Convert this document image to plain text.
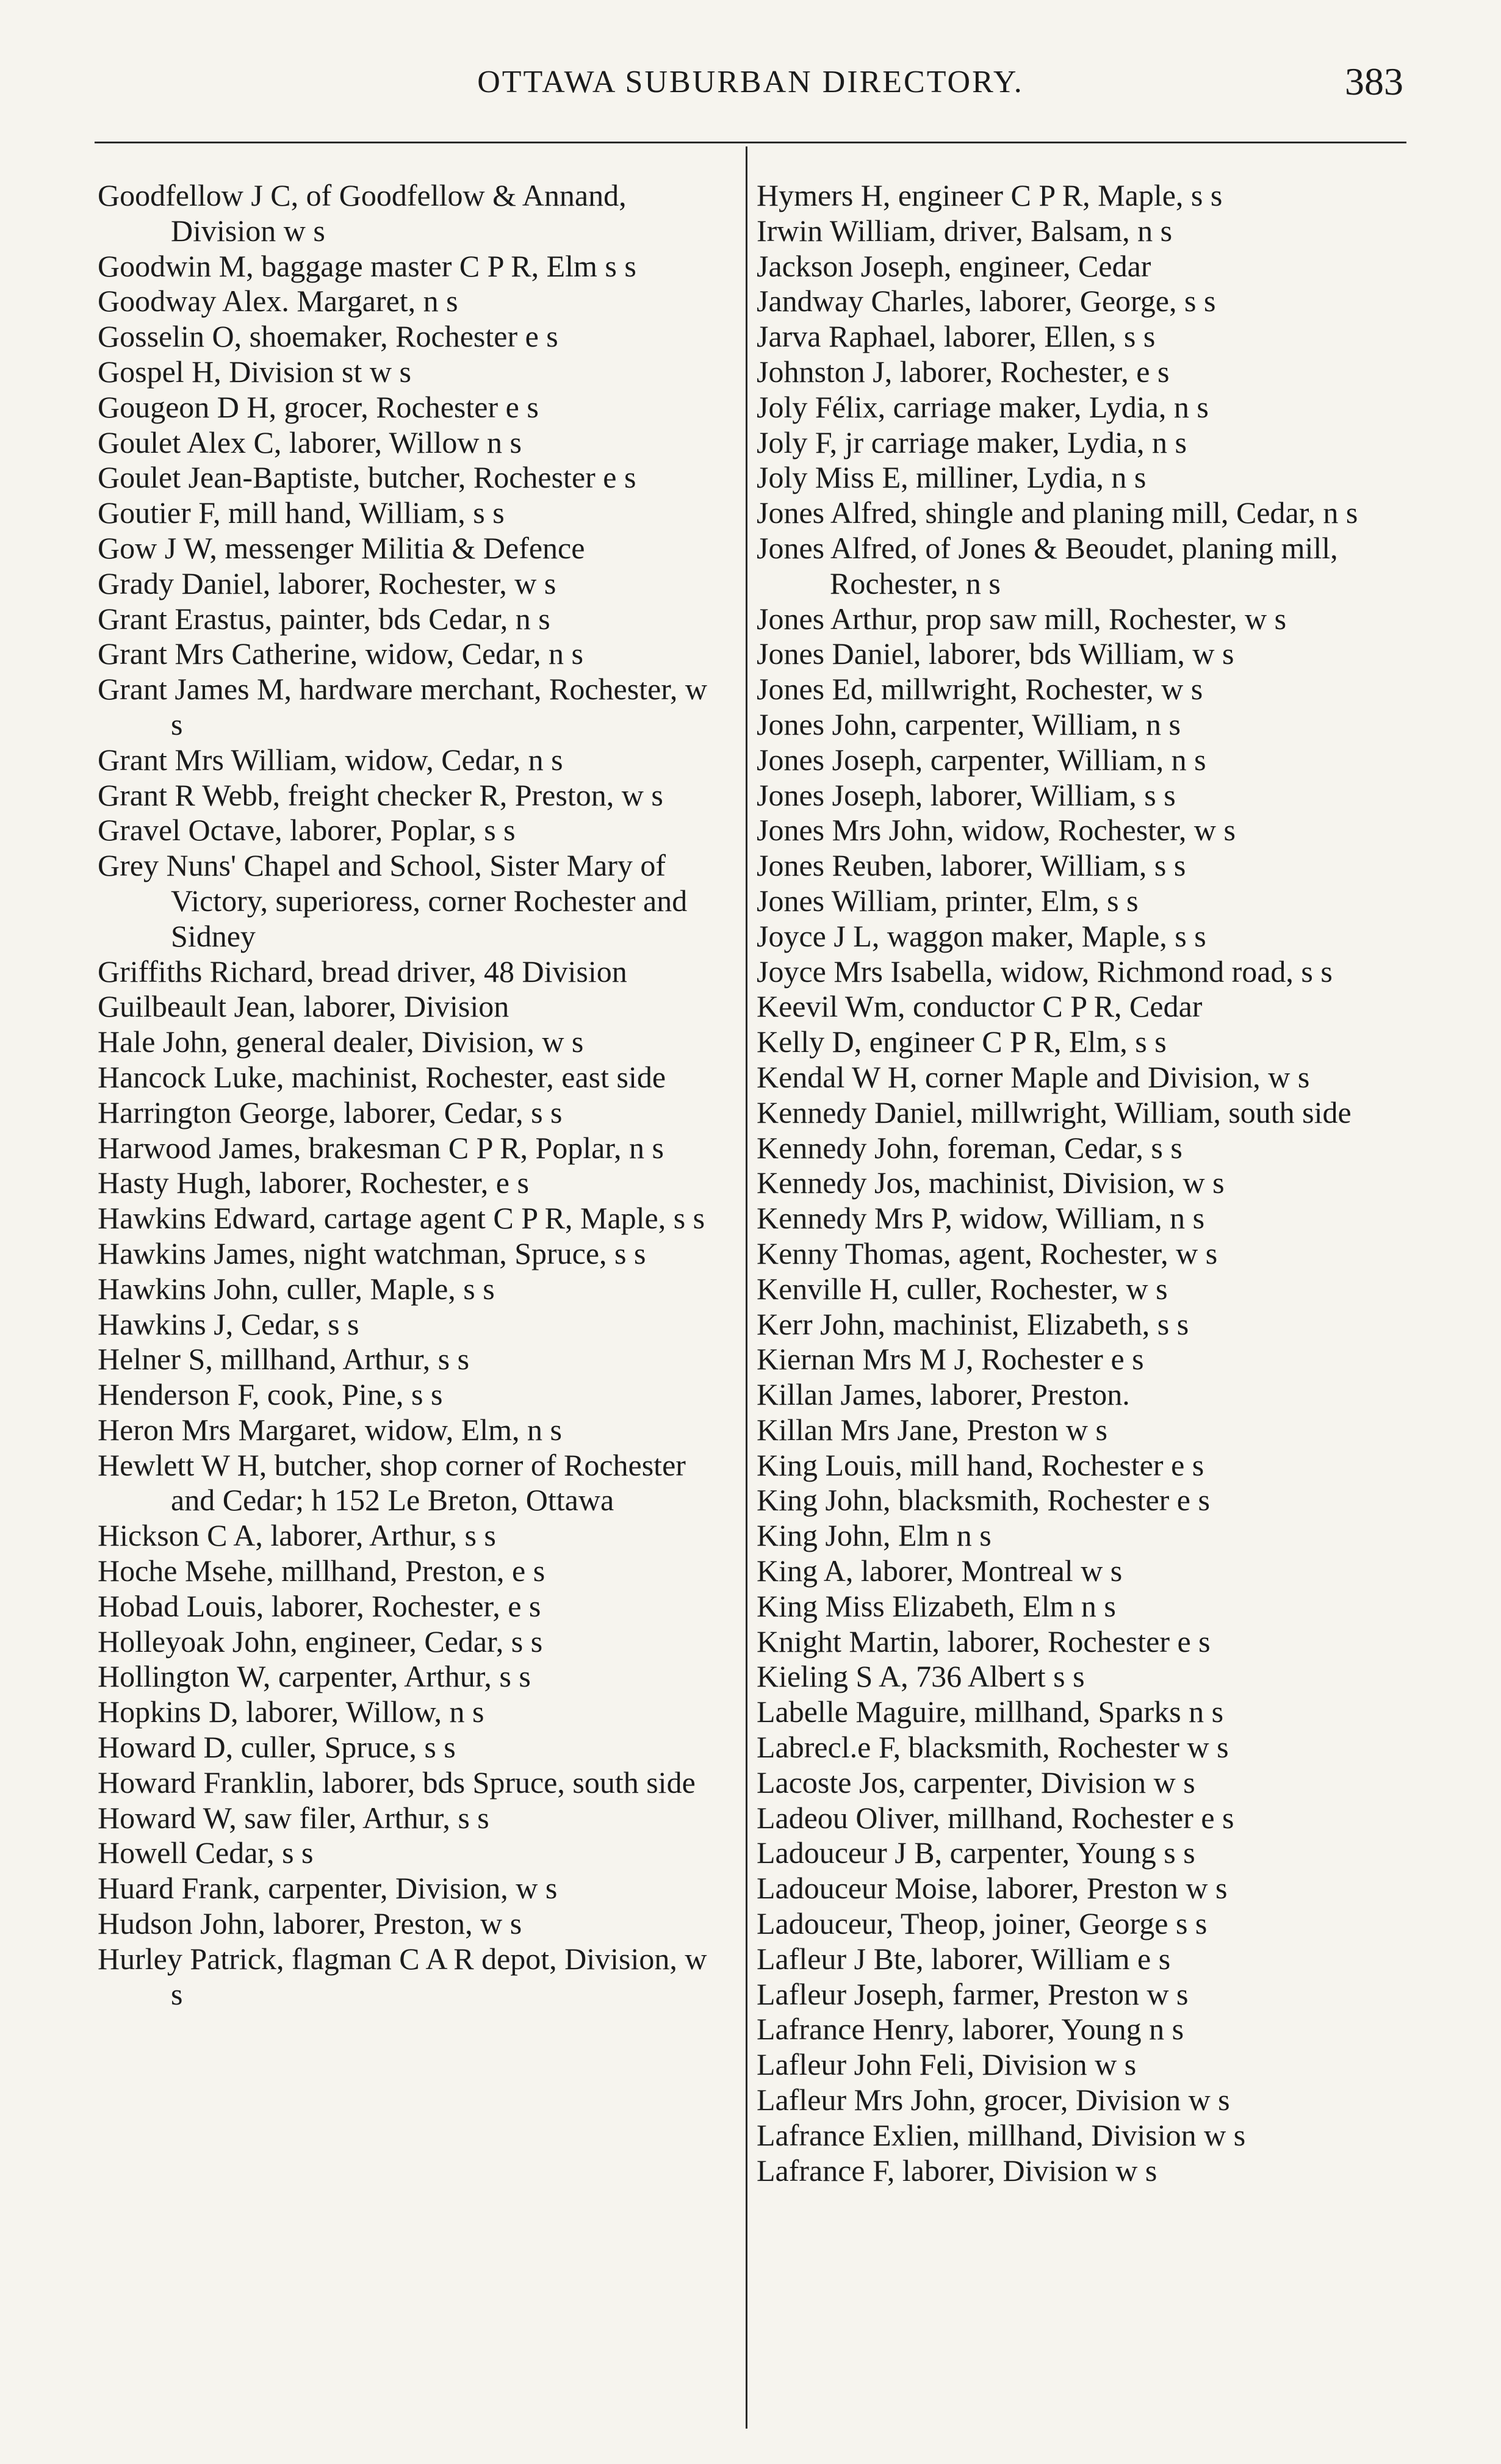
OTTAWA SUBURBAN DIRECTORY.	383
Goodfellow J C, of Goodfellow & Annand, Division w s
Goodwin M, baggage master C P R, Elm s s
Goodway Alex. Margaret, n s
Gosselin O, shoemaker, Rochester e s
Gospel H, Division st w s
Gougeon D H, grocer, Rochester e s
Goulet Alex C, laborer, Willow n s
Goulet Jean-Baptiste, butcher, Rochester e s
Goutier F, mill hand, William, s s
Gow J W, messenger Militia & Defence
Grady Daniel, laborer, Rochester, w s
Grant Erastus, painter, bds Cedar, n s
Grant Mrs Catherine, widow, Cedar, n s
Grant James M, hardware merchant, Rochester, w s
Grant Mrs William, widow, Cedar, n s
Grant R Webb, freight checker R, Preston, w s
Gravel Octave, laborer, Poplar, s s
Grey Nuns' Chapel and School, Sister Mary of Victory, superioress, corner Rochester and Sidney
Griffiths Richard, bread driver, 48 Division
Guilbeault Jean, laborer, Division
Hale John, general dealer, Division, w s
Hancock Luke, machinist, Rochester, east side
Harrington George, laborer, Cedar, s s
Harwood James, brakesman C P R, Poplar, n s
Hasty Hugh, laborer, Rochester, e s
Hawkins Edward, cartage agent C P R, Maple, s s
Hawkins James, night watchman, Spruce, s s
Hawkins John, culler, Maple, s s
Hawkins J, Cedar, s s
Helner S, millhand, Arthur, s s
Henderson F, cook, Pine, s s
Heron Mrs Margaret, widow, Elm, n s
Hewlett W H, butcher, shop corner of Rochester and Cedar; h 152 Le Breton, Ottawa
Hickson C A, laborer, Arthur, s s
Hoche Msehe, millhand, Preston, e s
Hobad Louis, laborer, Rochester, e s
Holleyoak John, engineer, Cedar, s s
Hollington W, carpenter, Arthur, s s
Hopkins D, laborer, Willow, n s
Howard D, culler, Spruce, s s
Howard Franklin, laborer, bds Spruce, south side
Howard W, saw filer, Arthur, s s
Howell Cedar, s s
Huard Frank, carpenter, Division, w s
Hudson John, laborer, Preston, w s
Hurley Patrick, flagman C A R depot, Division, w s
Hymers H, engineer C P R, Maple, s s
Irwin William, driver, Balsam, n s
Jackson Joseph, engineer, Cedar
Jandway Charles, laborer, George, s s
Jarva Raphael, laborer, Ellen, s s
Johnston J, laborer, Rochester, e s
Joly Félix, carriage maker, Lydia, n s
Joly F, jr carriage maker, Lydia, n s
Joly Miss E, milliner, Lydia, n s
Jones Alfred, shingle and planing mill, Cedar, n s
Jones Alfred, of Jones & Beoudet, planing mill, Rochester, n s
Jones Arthur, prop saw mill, Rochester, w s
Jones Daniel, laborer, bds William, w s
Jones Ed, millwright, Rochester, w s
Jones John, carpenter, William, n s
Jones Joseph, carpenter, William, n s
Jones Joseph, laborer, William, s s
Jones Mrs John, widow, Rochester, w s
Jones Reuben, laborer, William, s s
Jones William, printer, Elm, s s
Joyce J L, waggon maker, Maple, s s
Joyce Mrs Isabella, widow, Richmond road, s s
Keevil Wm, conductor C P R, Cedar
Kelly D, engineer C P R, Elm, s s
Kendal W H, corner Maple and Division, w s
Kennedy Daniel, millwright, William, south side
Kennedy John, foreman, Cedar, s s
Kennedy Jos, machinist, Division, w s
Kennedy Mrs P, widow, William, n s
Kenny Thomas, agent, Rochester, w s
Kenville H, culler, Rochester, w s
Kerr John, machinist, Elizabeth, s s
Kiernan Mrs M J, Rochester e s
Killan James, laborer, Preston.
Killan Mrs Jane, Preston w s
King Louis, mill hand, Rochester e s
King John, blacksmith, Rochester e s
King John, Elm n s
King A, laborer, Montreal w s
King Miss Elizabeth, Elm n s
Knight Martin, laborer, Rochester e s
Kieling S A, 736 Albert s s
Labelle Maguire, millhand, Sparks n s
Labrecl.e F, blacksmith, Rochester w s
Lacoste Jos, carpenter, Division w s
Ladeou Oliver, millhand, Rochester e s
Ladouceur J B, carpenter, Young s s
Ladouceur Moise, laborer, Preston w s
Ladouceur, Theop, joiner, George s s
Lafleur J Bte, laborer, William e s
Lafleur Joseph, farmer, Preston w s
Lafrance Henry, laborer, Young n s
Lafleur John Feli, Division w s
Lafleur Mrs John, grocer, Division w s
Lafrance Exlien, millhand, Division w s
Lafrance F, laborer, Division w s
